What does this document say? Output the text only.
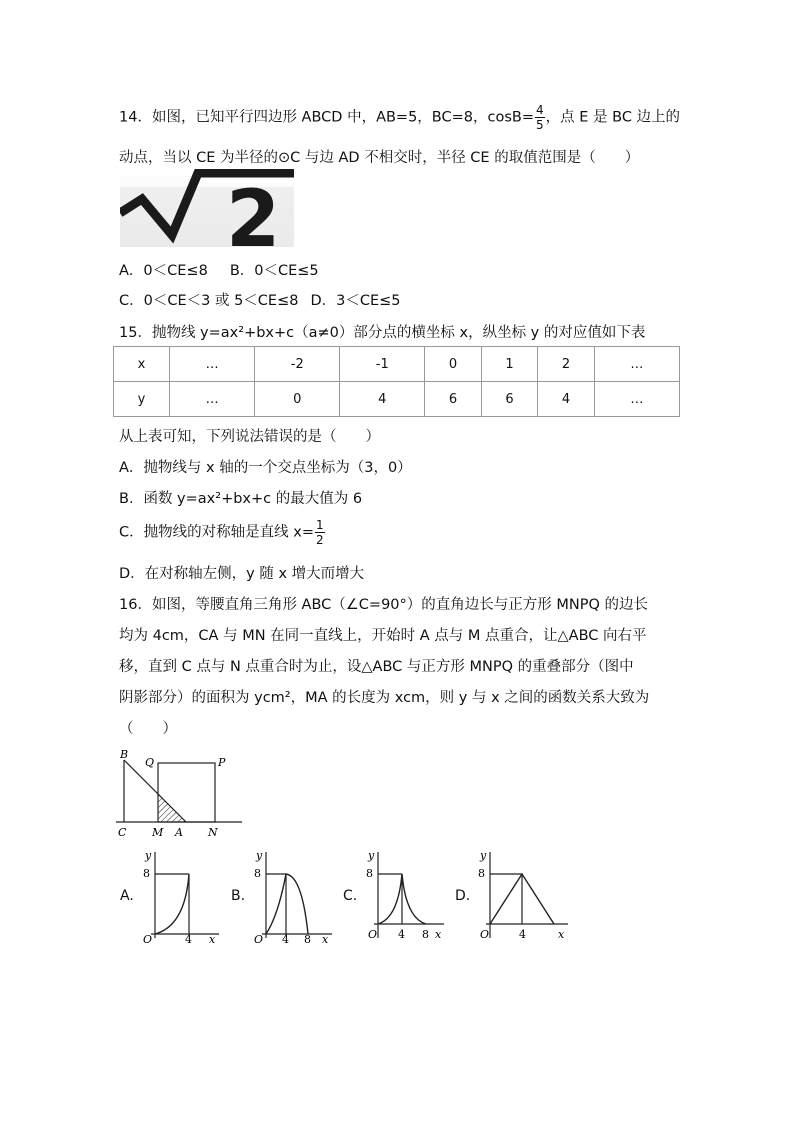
14．如图，已知平行四边形 ABCD 中，AB=5，BC=8，$\cos B= \frac{4}{5}$ ，点 E 是 BC 边上的
动点，当以 CE 为半径的⊙C 与边 AD 不相交时，半径 CE 的取值范围是（　　）
2
A．0＜CE≤8 B．0＜CE≤5
C．0＜CE＜3 或 5＜CE≤8 D．3＜CE≤5
15．抛物线 y=ax²+bx+c（a≠0）部分点的横坐标 x，纵坐标 y 的对应值如下表
x	…	-2	-1	0	1	2	…
y	…	0	4	6	6	4	…
从上表可知，下列说法错误的是（　　）
A．抛物线与 x 轴的一个交点坐标为（3，0）
B．函数 y=ax²+bx+c 的最大值为 6
C．抛物线的对称轴是直线 $x= \frac{1}{2}$
D．在对称轴左侧，y 随 x 增大而增大
16．如图，等腰直角三角形 ABC（∠C=90°）的直角边长与正方形 MNPQ 的边长
均为 4cm，CA 与 MN 在同一直线上，开始时 A 点与 M 点重合，让△ABC 向右平
移，直到 C 点与 N 点重合时为止，设△ABC 与正方形 MNPQ 的重叠部分（图中
阴影部分）的面积为 ycm²，MA 的长度为 xcm，则 y 与 x 之间的函数关系大致为
（　　）
B
Q	P
C M A N
A.
y
8
O	4 x
B.
y
8
O 4 8 x
C.
y
8
O 4 8 x
D.
y
8
O	4	x
